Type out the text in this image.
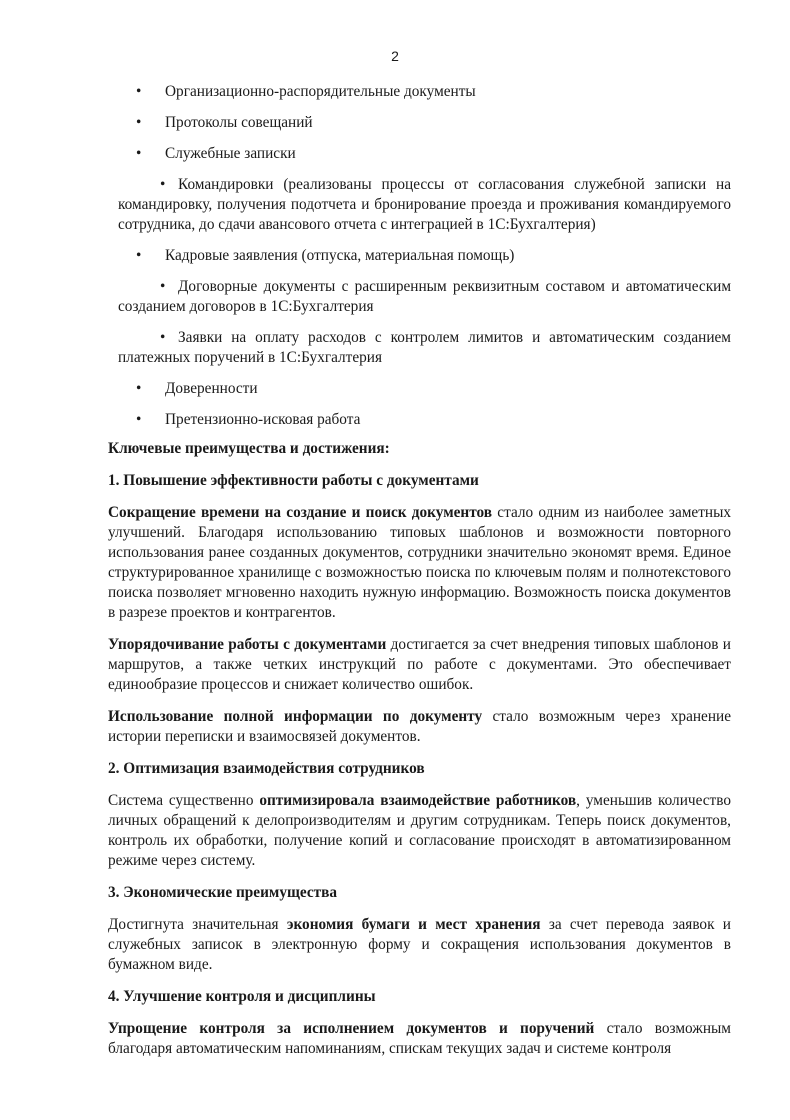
2
• Организационно-распорядительные документы
• Протоколы совещаний
• Служебные записки
• Командировки (реализованы процессы от согласования служебной записки на командировку, получения подотчета и бронирование проезда и проживания командируемого сотрудника, до сдачи авансового отчета с интеграцией в 1С:Бухгалтерия)
• Кадровые заявления (отпуска, материальная помощь)
• Договорные документы с расширенным реквизитным составом и автоматическим созданием договоров в 1С:Бухгалтерия
• Заявки на оплату расходов с контролем лимитов и автоматическим созданием платежных поручений в 1С:Бухгалтерия
• Доверенности
• Претензионно-исковая работа

Ключевые преимущества и достижения:

1. Повышение эффективности работы с документами

Сокращение времени на создание и поиск документов стало одним из наиболее заметных улучшений. Благодаря использованию типовых шаблонов и возможности повторного использования ранее созданных документов, сотрудники значительно экономят время. Единое структурированное хранилище с возможностью поиска по ключевым полям и полнотекстового поиска позволяет мгновенно находить нужную информацию. Возможность поиска документов в разрезе проектов и контрагентов.

Упорядочивание работы с документами достигается за счет внедрения типовых шаблонов и маршрутов, а также четких инструкций по работе с документами. Это обеспечивает единообразие процессов и снижает количество ошибок.

Использование полной информации по документу стало возможным через хранение истории переписки и взаимосвязей документов.

2. Оптимизация взаимодействия сотрудников

Система существенно оптимизировала взаимодействие работников, уменьшив количество личных обращений к делопроизводителям и другим сотрудникам. Теперь поиск документов, контроль их обработки, получение копий и согласование происходят в автоматизированном режиме через систему.

3. Экономические преимущества

Достигнута значительная экономия бумаги и мест хранения за счет перевода заявок и служебных записок в электронную форму и сокращения использования документов в бумажном виде.

4. Улучшение контроля и дисциплины

Упрощение контроля за исполнением документов и поручений стало возможным благодаря автоматическим напоминаниям, спискам текущих задач и системе контроля
